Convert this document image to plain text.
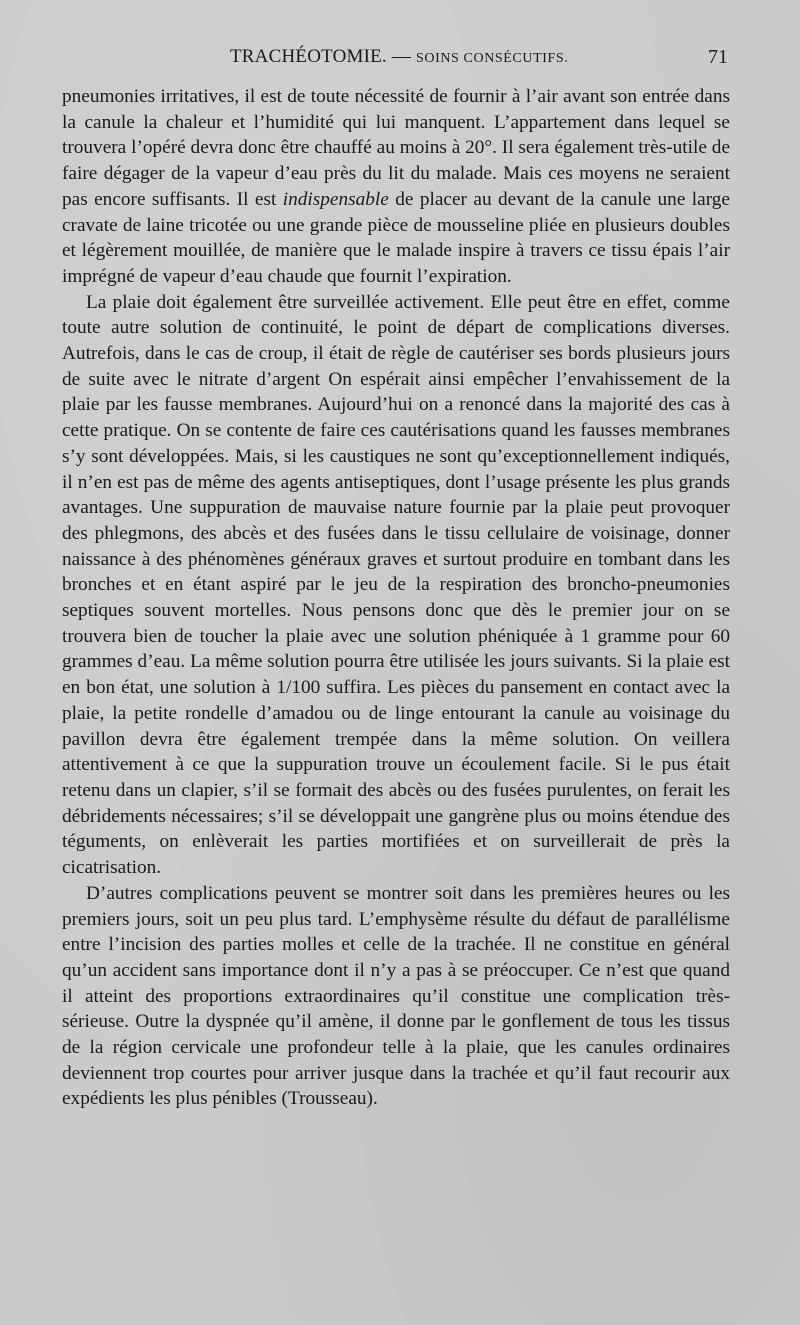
TRACHÉOTOMIE. — SOINS CONSÉCUTIFS.	71

pneumonies irritatives, il est de toute nécessité de fournir à l’air avant son entrée dans la canule la chaleur et l’humidité qui lui manquent. L’appartement dans lequel se trouvera l’opéré devra donc être chauffé au moins à 20°. Il sera également très-utile de faire dégager de la vapeur d’eau près du lit du malade. Mais ces moyens ne seraient pas encore suffisants. Il est indispensable de placer au devant de la canule une large cravate de laine tricotée ou une grande pièce de mousseline pliée en plusieurs doubles et légèrement mouillée, de manière que le malade inspire à travers ce tissu épais l’air imprégné de vapeur d’eau chaude que fournit l’expiration.

La plaie doit également être surveillée activement. Elle peut être en effet, comme toute autre solution de continuité, le point de départ de complications diverses. Autrefois, dans le cas de croup, il était de règle de cautériser ses bords plusieurs jours de suite avec le nitrate d’argent On espérait ainsi empêcher l’envahissement de la plaie par les fausse membranes. Aujourd’hui on a renoncé dans la majorité des cas à cette pratique. On se contente de faire ces cautérisations quand les fausses membranes s’y sont développées. Mais, si les caustiques ne sont qu’exceptionnellement indiqués, il n’en est pas de même des agents antiseptiques, dont l’usage présente les plus grands avantages. Une suppuration de mauvaise nature fournie par la plaie peut provoquer des phlegmons, des abcès et des fusées dans le tissu cellulaire de voisinage, donner naissance à des phénomènes généraux graves et surtout produire en tombant dans les bronches et en étant aspiré par le jeu de la respiration des broncho-pneumonies septiques souvent mortelles. Nous pensons donc que dès le premier jour on se trouvera bien de toucher la plaie avec une solution phéniquée à 1 gramme pour 60 grammes d’eau. La même solution pourra être utilisée les jours suivants. Si la plaie est en bon état, une solution à 1/100 suffira. Les pièces du pansement en contact avec la plaie, la petite rondelle d’amadou ou de linge entourant la canule au voisinage du pavillon devra être également trempée dans la même solution. On veillera attentivement à ce que la suppuration trouve un écoulement facile. Si le pus était retenu dans un clapier, s’il se formait des abcès ou des fusées purulentes, on ferait les débridements nécessaires; s’il se développait une gangrène plus ou moins étendue des téguments, on enlèverait les parties mortifiées et on surveillerait de près la cicatrisation.

D’autres complications peuvent se montrer soit dans les premières heures ou les premiers jours, soit un peu plus tard. L’emphysème résulte du défaut de parallélisme entre l’incision des parties molles et celle de la trachée. Il ne constitue en général qu’un accident sans importance dont il n’y a pas à se préoccuper. Ce n’est que quand il atteint des proportions extraordinaires qu’il constitue une complication très-sérieuse. Outre la dyspnée qu’il amène, il donne par le gonflement de tous les tissus de la région cervicale une profondeur telle à la plaie, que les canules ordinaires deviennent trop courtes pour arriver jusque dans la trachée et qu’il faut recourir aux expédients les plus pénibles (Trousseau).
